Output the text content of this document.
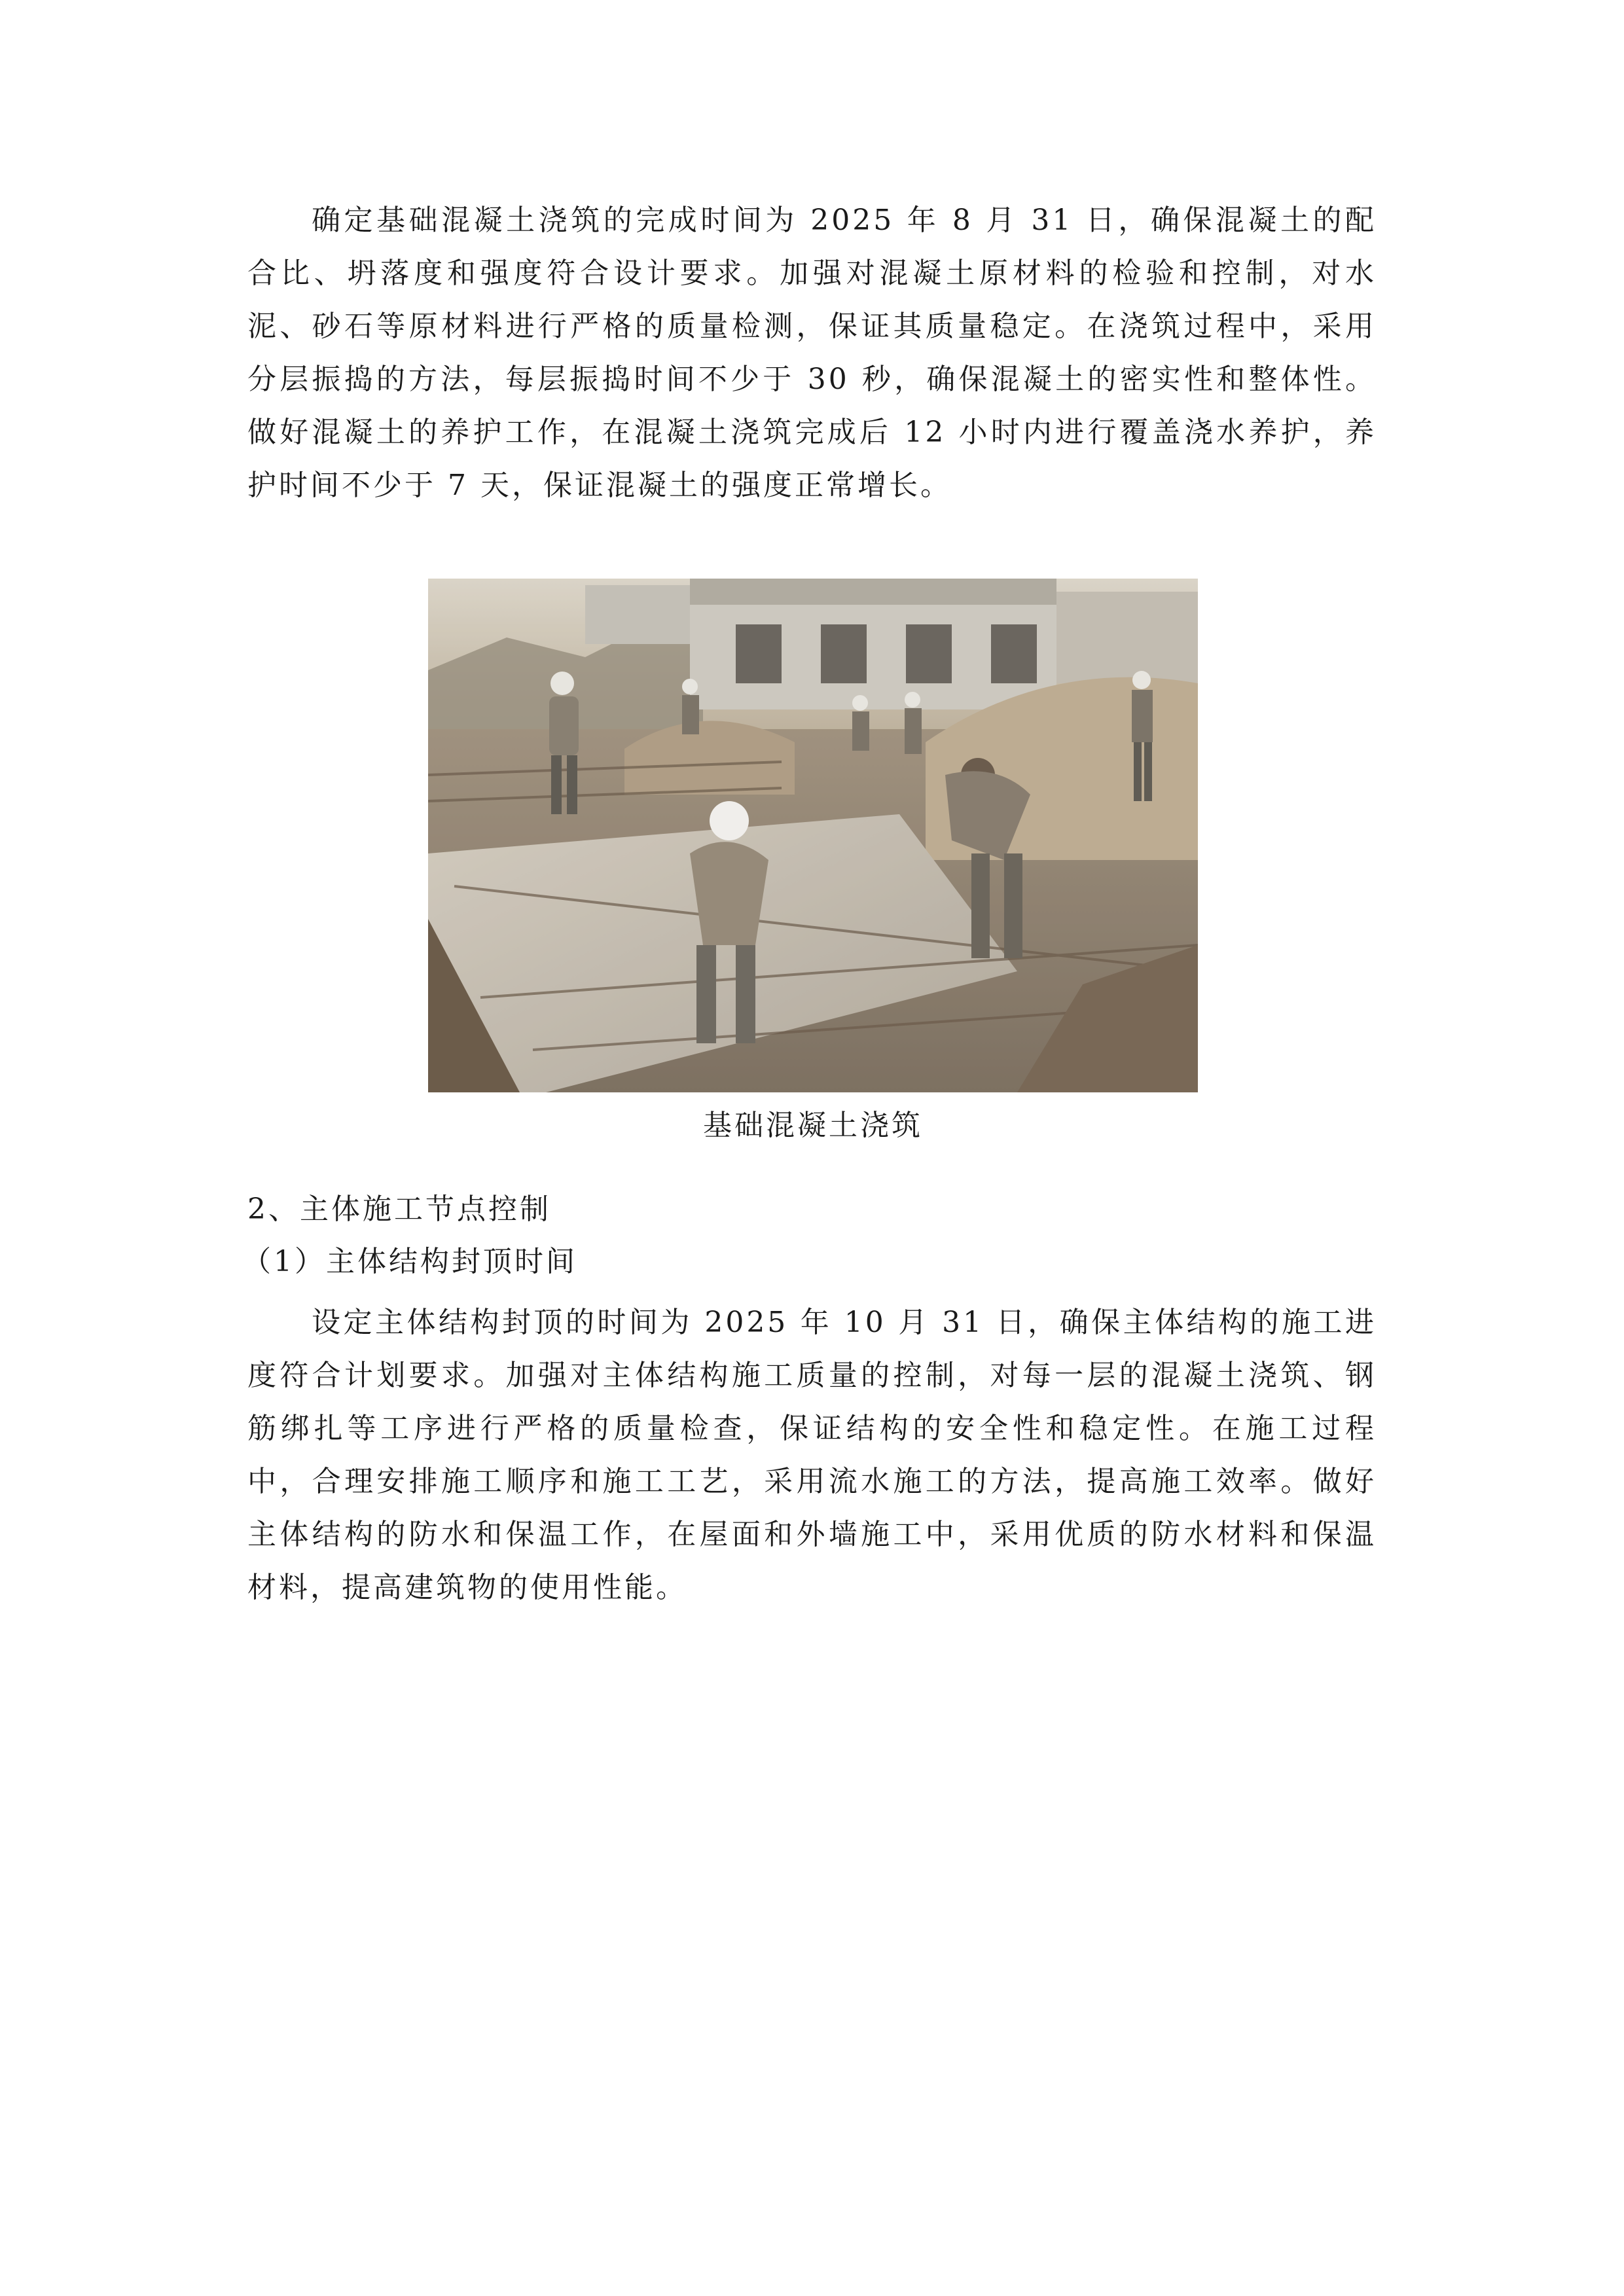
确定基础混凝土浇筑的完成时间为 2025 年 8 月 31 日，确保混凝土的配合比、坍落度和强度符合设计要求。加强对混凝土原材料的检验和控制，对水泥、砂石等原材料进行严格的质量检测，保证其质量稳定。在浇筑过程中，采用分层振捣的方法，每层振捣时间不少于 30 秒，确保混凝土的密实性和整体性。做好混凝土的养护工作，在混凝土浇筑完成后 12 小时内进行覆盖浇水养护，养护时间不少于 7 天，保证混凝土的强度正常增长。

基础混凝土浇筑

2、主体施工节点控制
（1）主体结构封顶时间

设定主体结构封顶的时间为 2025 年 10 月 31 日，确保主体结构的施工进度符合计划要求。加强对主体结构施工质量的控制，对每一层的混凝土浇筑、钢筋绑扎等工序进行严格的质量检查，保证结构的安全性和稳定性。在施工过程中，合理安排施工顺序和施工工艺，采用流水施工的方法，提高施工效率。做好主体结构的防水和保温工作，在屋面和外墙施工中，采用优质的防水材料和保温材料，提高建筑物的使用性能。
